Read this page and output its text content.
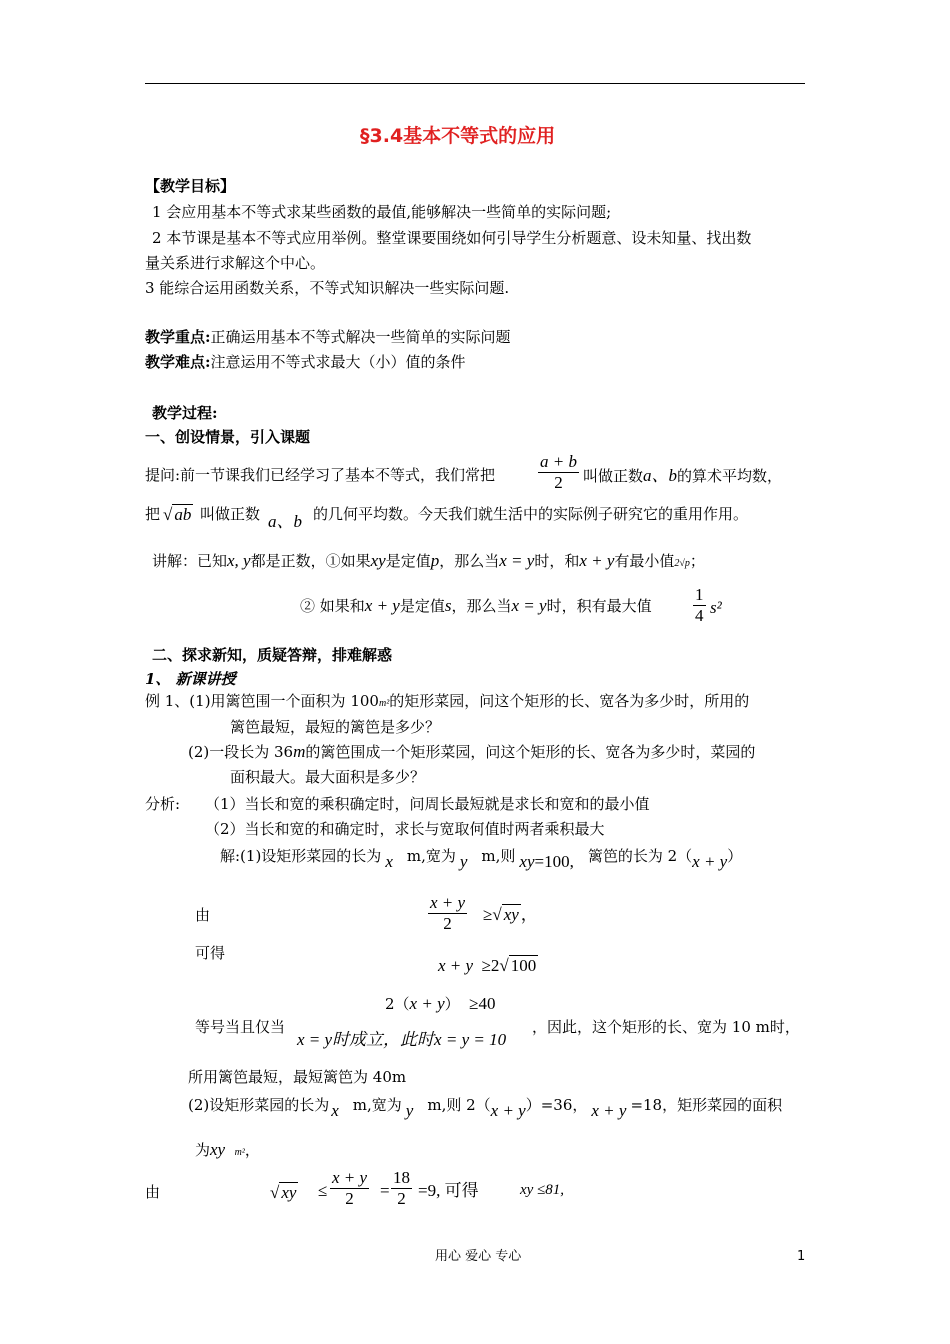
§3.4基本不等式的应用
【教学目标】
1 会应用基本不等式求某些函数的最值,能够解决一些简单的实际问题;
2 本节课是基本不等式应用举例。整堂课要围绕如何引导学生分析题意、设未知量、找出数
量关系进行求解这个中心。
3 能综合运用函数关系，不等式知识解决一些实际问题.
教学重点:正确运用基本不等式解决一些简单的实际问题
教学难点:注意运用不等式求最大（小）值的条件
教学过程:
一、创设情景，引入课题
提问:前一节课我们已经学习了基本不等式，我们常把	$\frac{a + b}{2}$ 叫做正数a、b的算术平均数，
把 √ ab 叫做正数 a、b 的几何平均数。今天我们就生活中的实际例子研究它的重用作用。
讲解：已知x, y都是正数，①如果xy是定值p，那么当x = y时，和x + y有最小值2√p；
② 如果和x + y是定值s，那么当x = y时，积有最大值 $\frac{1}{4} s^2$
二、探求新知，质疑答辩，排难解惑
1、 新课讲授
例 1、(1)用篱笆围一个面积为 100m²的矩形菜园，问这个矩形的长、宽各为多少时，所用的
篱笆最短，最短的篱笆是多少？
(2)一段长为 36m的篱笆围成一个矩形菜园，问这个矩形的长、宽各为多少时，菜园的
面积最大。最大面积是多少？
分析: （1）当长和宽的乘积确定时，问周长最短就是求长和宽和的最小值
（2）当长和宽的和确定时，求长与宽取何值时两者乘积最大
解:(1)设矩形菜园的长为 x m,宽为 y m,则 xy=100, 篱笆的长为 2（x + y）
由	$\frac{x + y}{2}$ ≥√ xy ，
可得
x + y ≥2√ 100
2（x + y） ≥40
等号当且仅当
x = y时成立，此时x = y = 10
，因此，这个矩形的长、宽为 10 m时，
所用篱笆最短，最短篱笆为 40m
(2)设矩形菜园的长为 x m,宽为 y m,则 2（x + y）=36， x + y =18，矩形菜园的面积
为xy m²，
由	√ xy ≤ $\frac{x + y}{2} = \frac{18}{2} =9$, 可得	xy ≤81,
用心 爱心 专心	1
